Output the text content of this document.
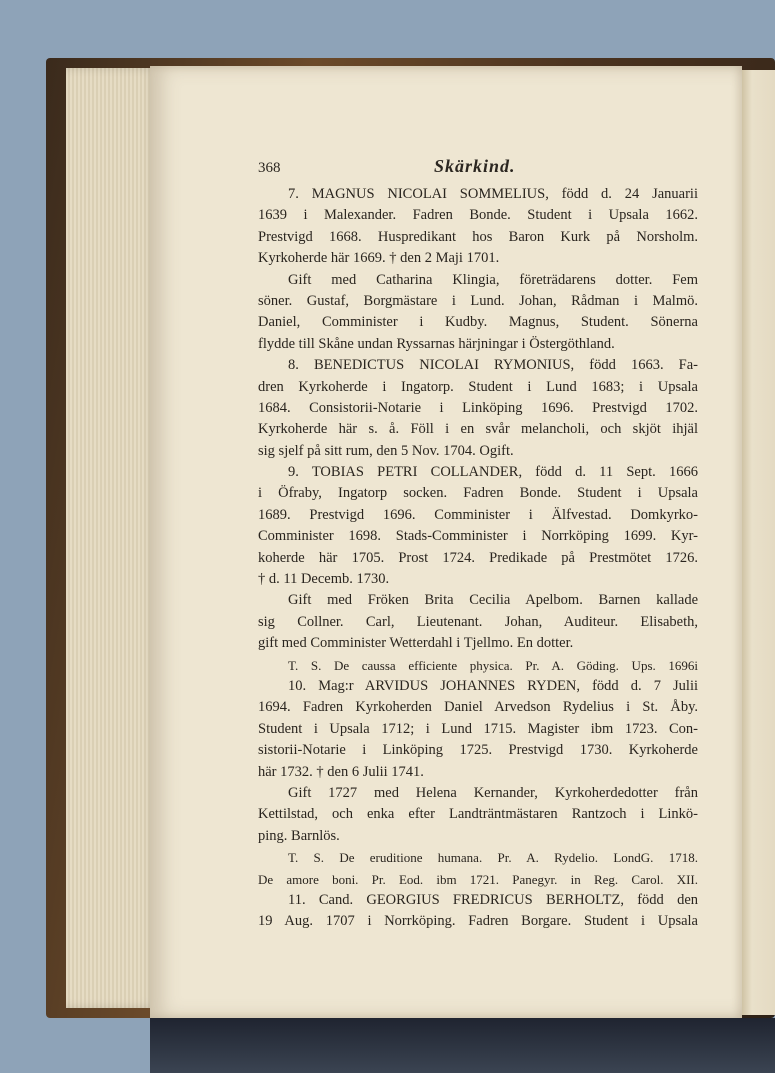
368	Skärkind.
7. MAGNUS NICOLAI SOMMELIUS, född d. 24 Januarii
1639 i Malexander. Fadren Bonde. Student i Upsala 1662.
Prestvigd 1668. Huspredikant hos Baron Kurk på Norsholm.
Kyrkoherde här 1669. † den 2 Maji 1701.
Gift med Catharina Klingia, företrädarens dotter. Fem
söner. Gustaf, Borgmästare i Lund. Johan, Rådman i Malmö.
Daniel, Comminister i Kudby. Magnus, Student. Sönerna
flydde till Skåne undan Ryssarnas härjningar i Östergöthland.
8. BENEDICTUS NICOLAI RYMONIUS, född 1663. Fa-
dren Kyrkoherde i Ingatorp. Student i Lund 1683; i Upsala
1684. Consistorii-Notarie i Linköping 1696. Prestvigd 1702.
Kyrkoherde här s. å. Föll i en svår melancholi, och skjöt ihjäl
sig sjelf på sitt rum, den 5 Nov. 1704. Ogift.
9. TOBIAS PETRI COLLANDER, född d. 11 Sept. 1666
i Öfraby, Ingatorp socken. Fadren Bonde. Student i Upsala
1689. Prestvigd 1696. Comminister i Älfvestad. Domkyrko-
Comminister 1698. Stads-Comminister i Norrköping 1699. Kyr-
koherde här 1705. Prost 1724. Predikade på Prestmötet 1726.
† d. 11 Decemb. 1730.
Gift med Fröken Brita Cecilia Apelbom. Barnen kallade
sig Collner. Carl, Lieutenant. Johan, Auditeur. Elisabeth,
gift med Comminister Wetterdahl i Tjellmo. En dotter.
T. S. De caussa efficiente physica. Pr. A. Göding. Ups. 1696i
10. Mag:r ARVIDUS JOHANNES RYDEN, född d. 7 Julii
1694. Fadren Kyrkoherden Daniel Arvedson Rydelius i St. Åby.
Student i Upsala 1712; i Lund 1715. Magister ibm 1723. Con-
sistorii-Notarie i Linköping 1725. Prestvigd 1730. Kyrkoherde
här 1732. † den 6 Julii 1741.
Gift 1727 med Helena Kernander, Kyrkoherdedotter från
Kettilstad, och enka efter Landträntmästaren Rantzoch i Linkö-
ping. Barnlös.
T. S. De eruditione humana. Pr. A. Rydelio. LondG. 1718.
De amore boni. Pr. Eod. ibm 1721. Panegyr. in Reg. Carol. XII.
11. Cand. GEORGIUS FREDRICUS BERHOLTZ, född den
19 Aug. 1707 i Norrköping. Fadren Borgare. Student i Upsala
